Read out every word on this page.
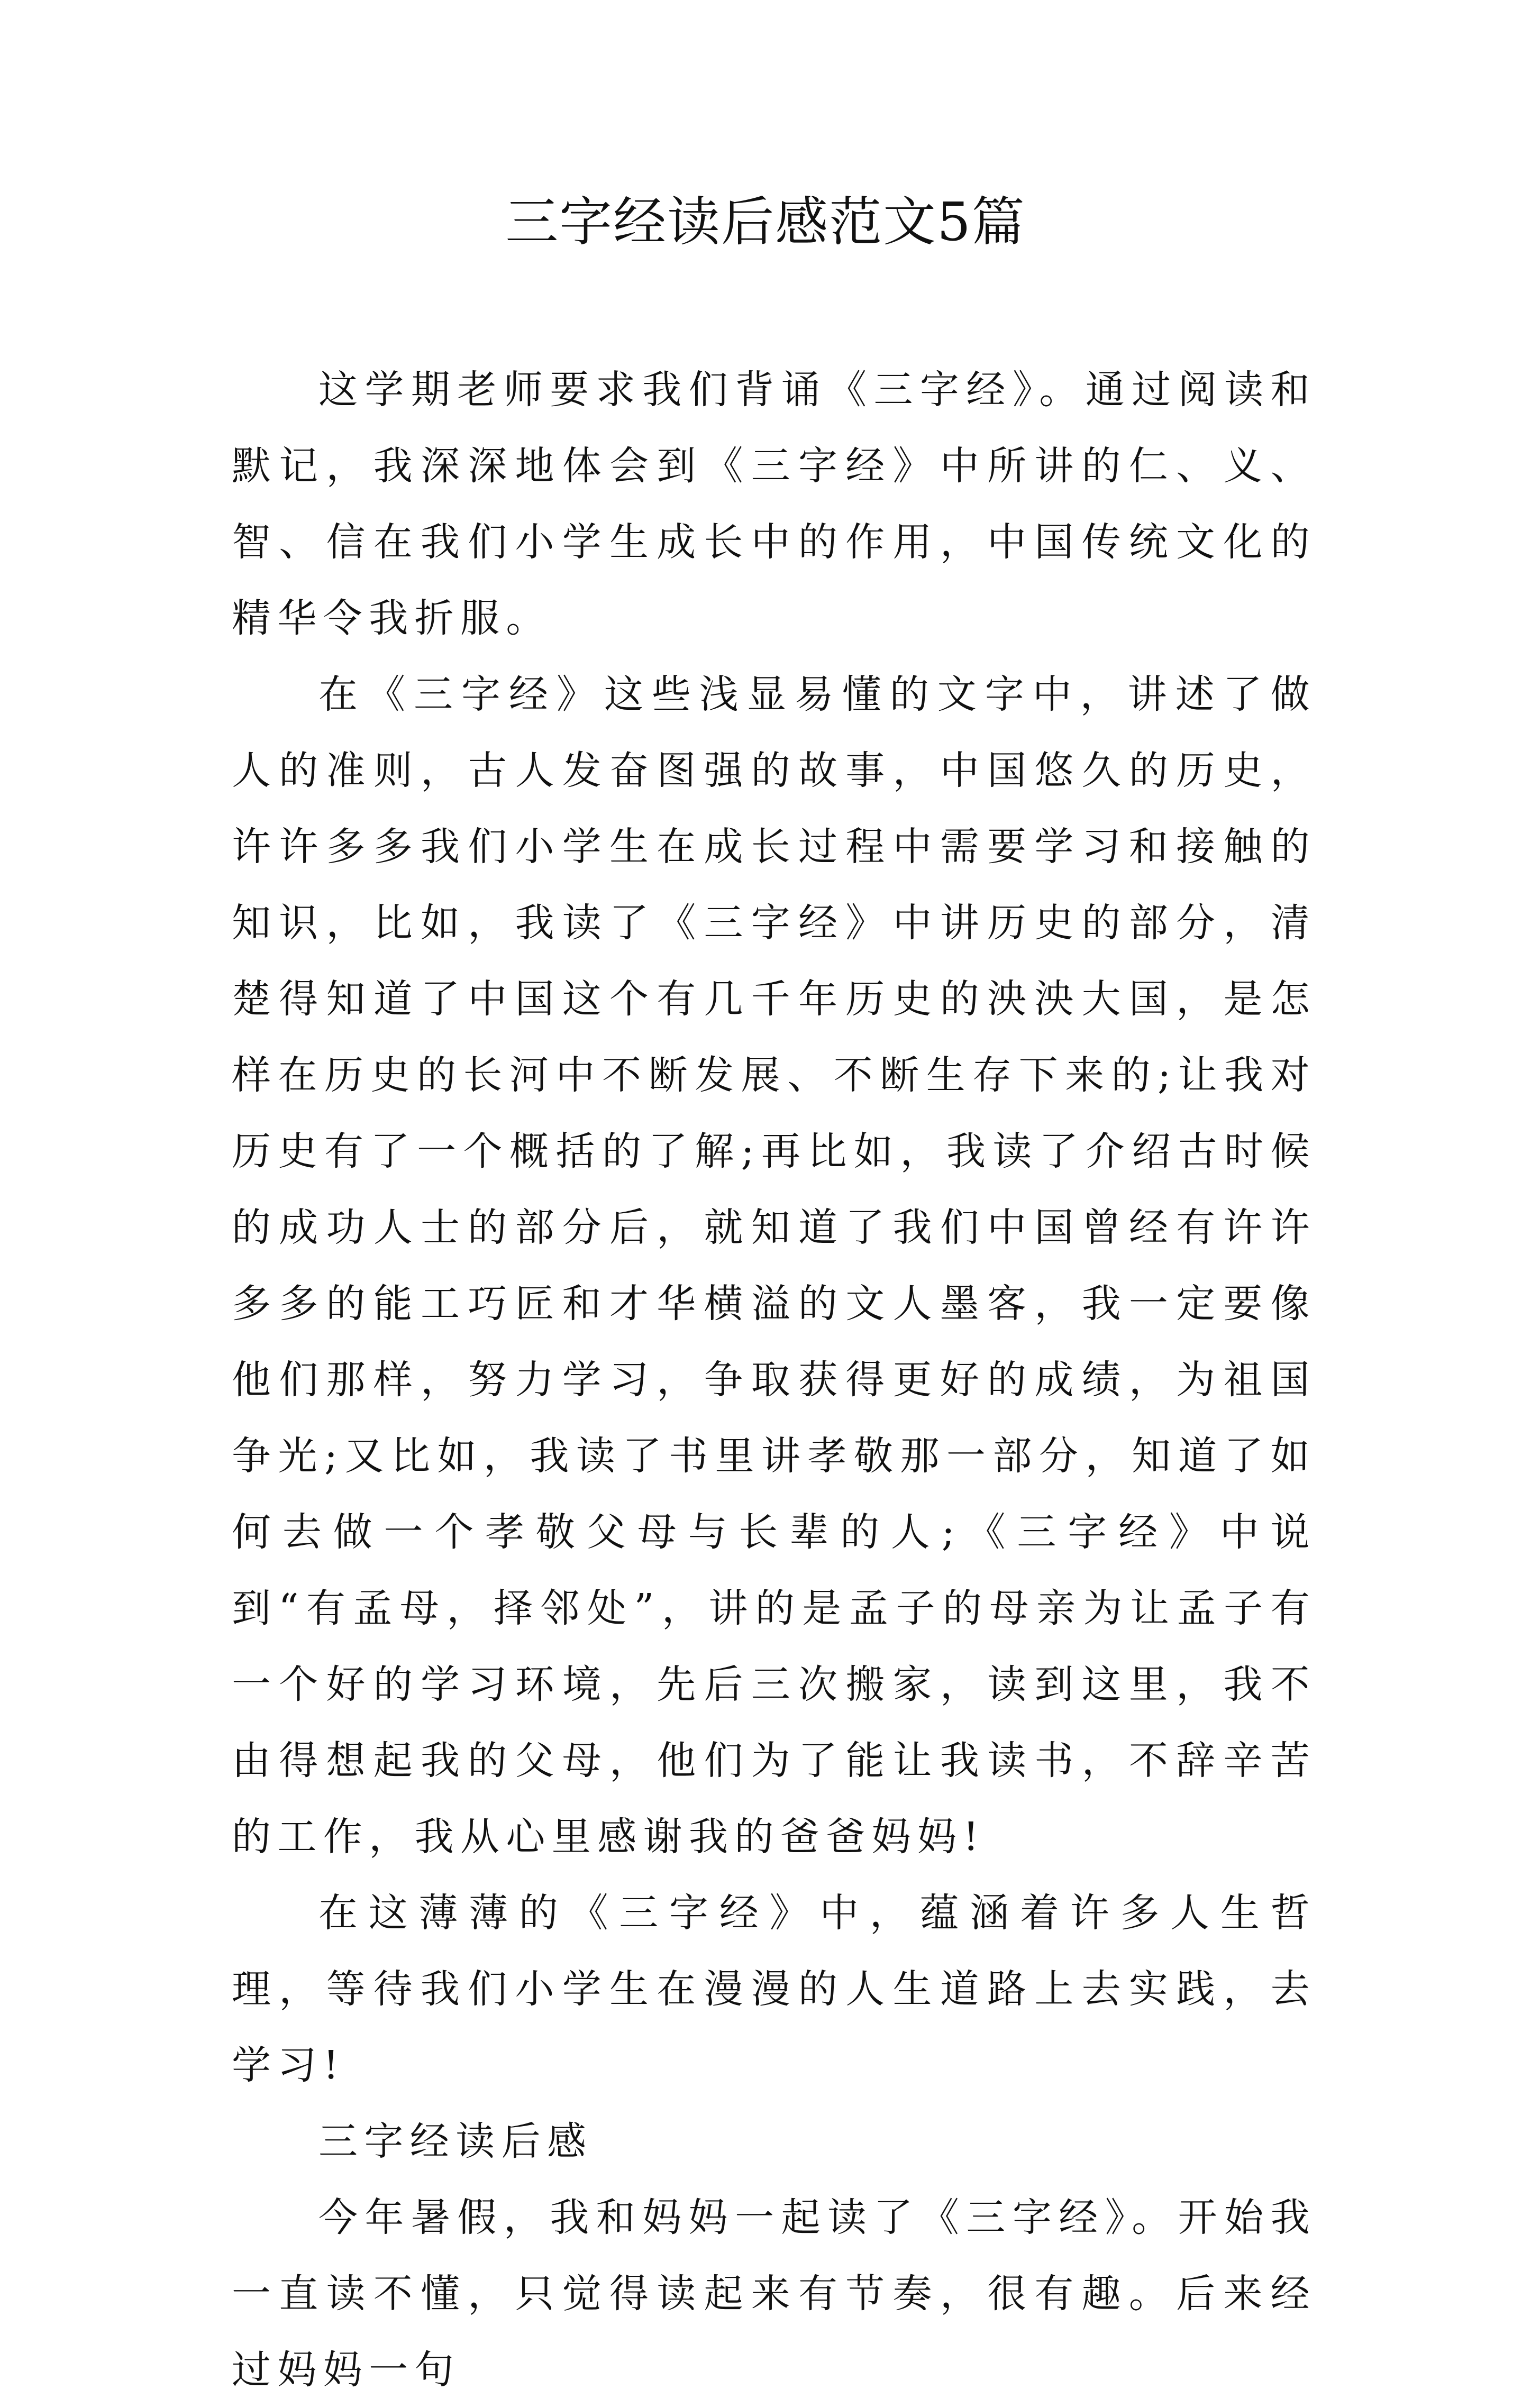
三字经读后感范文5篇

这学期老师要求我们背诵《三字经》。通过阅读和默记，我深深地体会到《三字经》中所讲的仁、义、智、信在我们小学生成长中的作用，中国传统文化的精华令我折服。

在《三字经》这些浅显易懂的文字中，讲述了做人的准则，古人发奋图强的故事，中国悠久的历史，许许多多我们小学生在成长过程中需要学习和接触的知识，比如，我读了《三字经》中讲历史的部分，清楚得知道了中国这个有几千年历史的泱泱大国，是怎样在历史的长河中不断发展、不断生存下来的;让我对历史有了一个概括的了解;再比如，我读了介绍古时候的成功人士的部分后，就知道了我们中国曾经有许许多多的能工巧匠和才华横溢的文人墨客，我一定要像他们那样，努力学习，争取获得更好的成绩，为祖国争光;又比如，我读了书里讲孝敬那一部分，知道了如何去做一个孝敬父母与长辈的人;《三字经》中说到“有孟母，择邻处”，讲的是孟子的母亲为让孟子有一个好的学习环境，先后三次搬家，读到这里，我不由得想起我的父母，他们为了能让我读书，不辞辛苦的工作，我从心里感谢我的爸爸妈妈!

在这薄薄的《三字经》中，蕴涵着许多人生哲理，等待我们小学生在漫漫的人生道路上去实践，去学习!

三字经读后感

今年暑假，我和妈妈一起读了《三字经》。开始我一直读不懂，只觉得读起来有节奏，很有趣。后来经过妈妈一句
